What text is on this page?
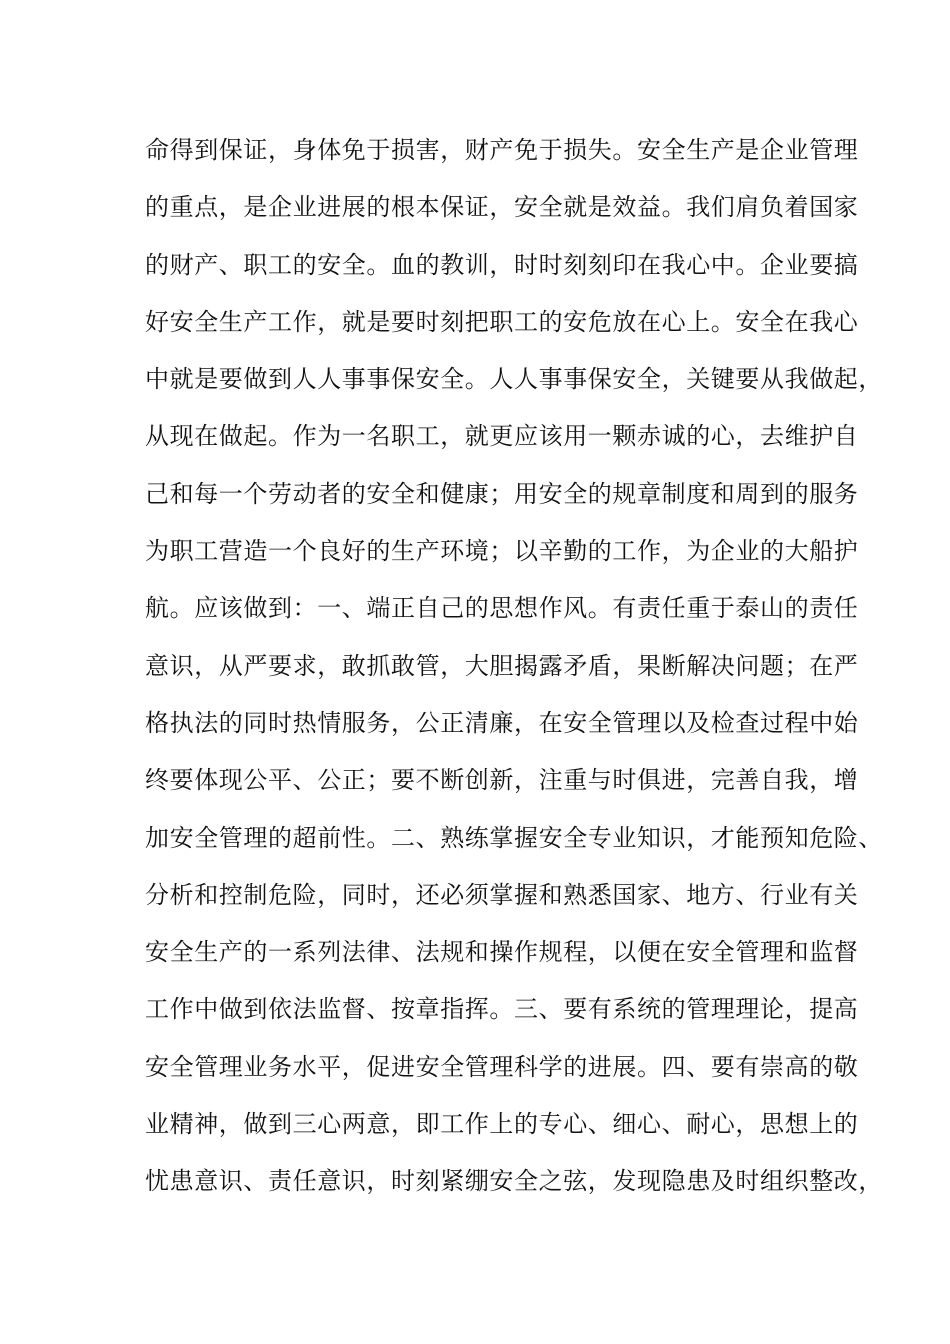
命得到保证，身体免于损害，财产免于损失。安全生产是企业管理
的重点，是企业进展的根本保证，安全就是效益。我们肩负着国家
的财产、职工的安全。血的教训，时时刻刻印在我心中。企业要搞
好安全生产工作，就是要时刻把职工的安危放在心上。安全在我心
中就是要做到人人事事保安全。人人事事保安全，关键要从我做起，
从现在做起。作为一名职工，就更应该用一颗赤诚的心，去维护自
己和每一个劳动者的安全和健康；用安全的规章制度和周到的服务
为职工营造一个良好的生产环境；以辛勤的工作，为企业的大船护
航。应该做到：一、端正自己的思想作风。有责任重于泰山的责任
意识，从严要求，敢抓敢管，大胆揭露矛盾，果断解决问题；在严
格执法的同时热情服务，公正清廉，在安全管理以及检查过程中始
终要体现公平、公正；要不断创新，注重与时俱进，完善自我，增
加安全管理的超前性。二、熟练掌握安全专业知识，才能预知危险、
分析和控制危险，同时，还必须掌握和熟悉国家、地方、行业有关
安全生产的一系列法律、法规和操作规程，以便在安全管理和监督
工作中做到依法监督、按章指挥。三、要有系统的管理理论，提高
安全管理业务水平，促进安全管理科学的进展。四、要有崇高的敬
业精神，做到三心两意，即工作上的专心、细心、耐心，思想上的
忧患意识、责任意识，时刻紧绷安全之弦，发现隐患及时组织整改，
